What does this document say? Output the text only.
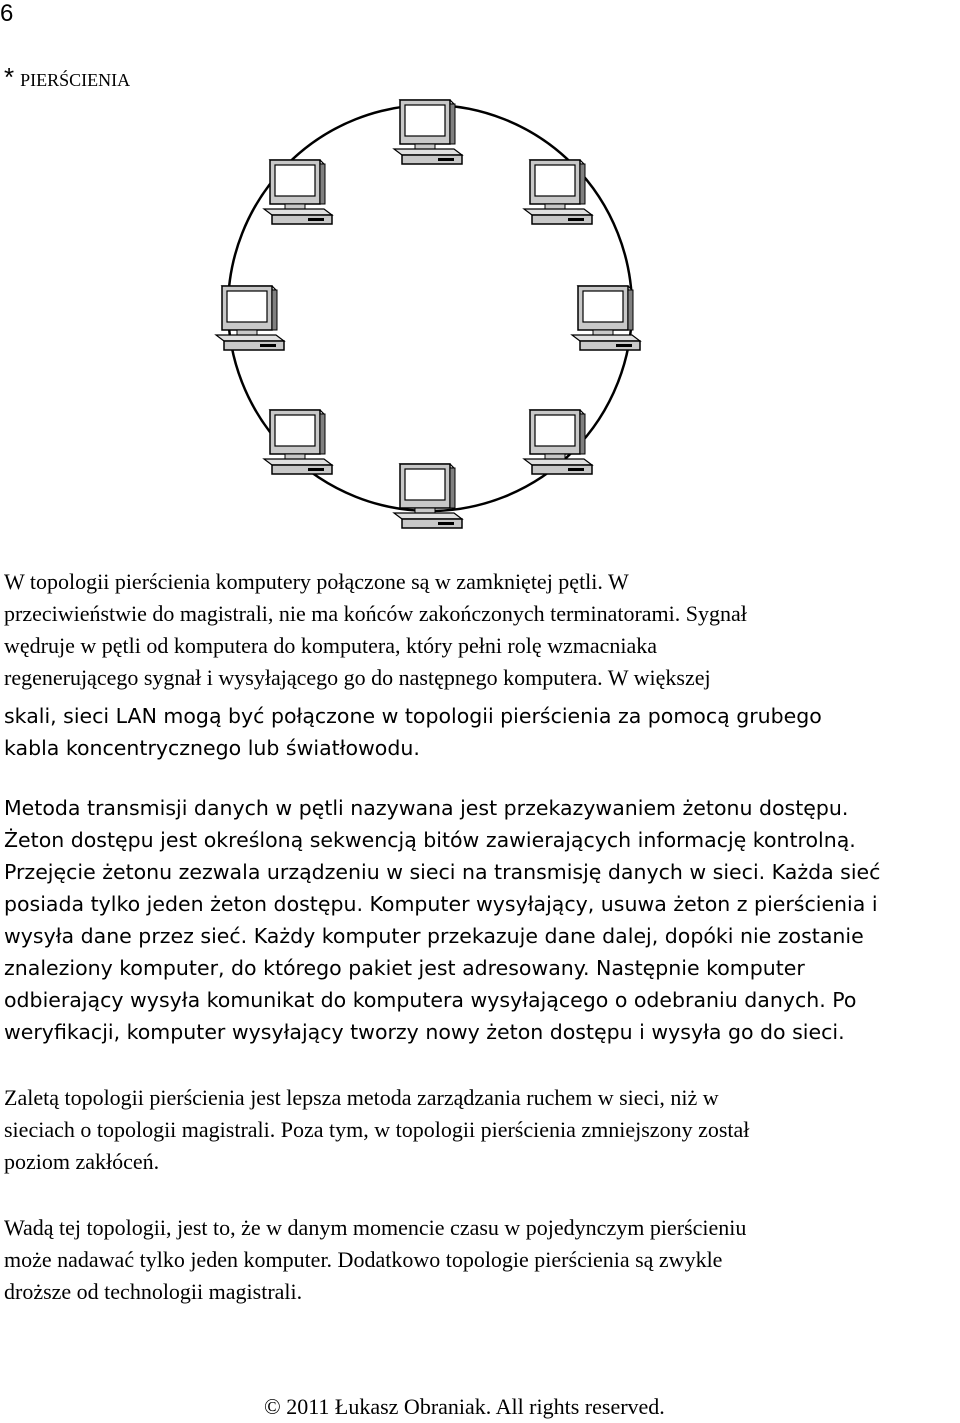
6
* PIERŚCIENIA

W topologii pierścienia komputery połączone są w zamkniętej pętli. W
przeciwieństwie do magistrali, nie ma końców zakończonych terminatorami. Sygnał
wędruje w pętli od komputera do komputera, który pełni rolę wzmacniaka
regenerującego sygnał i wysyłającego go do następnego komputera. W większej

skali, sieci LAN mogą być połączone w topologii pierścienia za pomocą grubego
kabla koncentrycznego lub światłowodu.

Metoda transmisji danych w pętli nazywana jest przekazywaniem żetonu dostępu.
Żeton dostępu jest określoną sekwencją bitów zawierających informację kontrolną.
Przejęcie żetonu zezwala urządzeniu w sieci na transmisję danych w sieci. Każda sieć
posiada tylko jeden żeton dostępu. Komputer wysyłający, usuwa żeton z pierścienia i
wysyła dane przez sieć. Każdy komputer przekazuje dane dalej, dopóki nie zostanie
znaleziony komputer, do którego pakiet jest adresowany. Następnie komputer
odbierający wysyła komunikat do komputera wysyłającego o odebraniu danych. Po
weryfikacji, komputer wysyłający tworzy nowy żeton dostępu i wysyła go do sieci.

Zaletą topologii pierścienia jest lepsza metoda zarządzania ruchem w sieci, niż w
sieciach o topologii magistrali. Poza tym, w topologii pierścienia zmniejszony został
poziom zakłóceń.

Wadą tej topologii, jest to, że w danym momencie czasu w pojedynczym pierścieniu
może nadawać tylko jeden komputer. Dodatkowo topologie pierścienia są zwykle
droższe od technologii magistrali.

© 2011 Łukasz Obraniak. All rights reserved.
